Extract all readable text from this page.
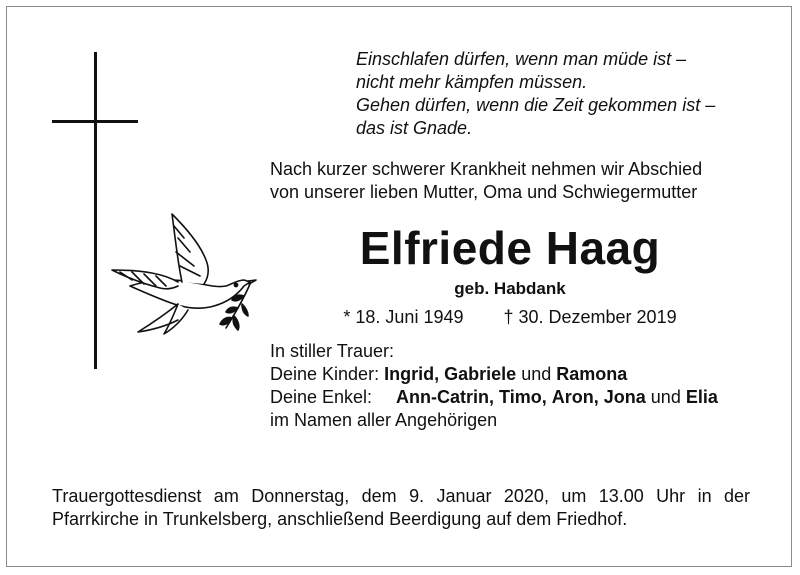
Einschlafen dürfen, wenn man müde ist –
nicht mehr kämpfen müssen.
Gehen dürfen, wenn die Zeit gekommen ist –
das ist Gnade.
Nach kurzer schwerer Krankheit nehmen wir Abschied
von unserer lieben Mutter, Oma und Schwiegermutter
Elfriede Haag
geb. Habdank
* 18. Juni 1949 † 30. Dezember 2019
In stiller Trauer:
Deine Kinder: Ingrid, Gabriele und Ramona
Deine Enkel: Ann-Catrin, Timo, Aron, Jona und Elia
im Namen aller Angehörigen
Trauergottesdienst am Donnerstag, dem 9. Januar 2020, um 13.00 Uhr in der
Pfarrkirche in Trunkelsberg, anschließend Beerdigung auf dem Friedhof.
